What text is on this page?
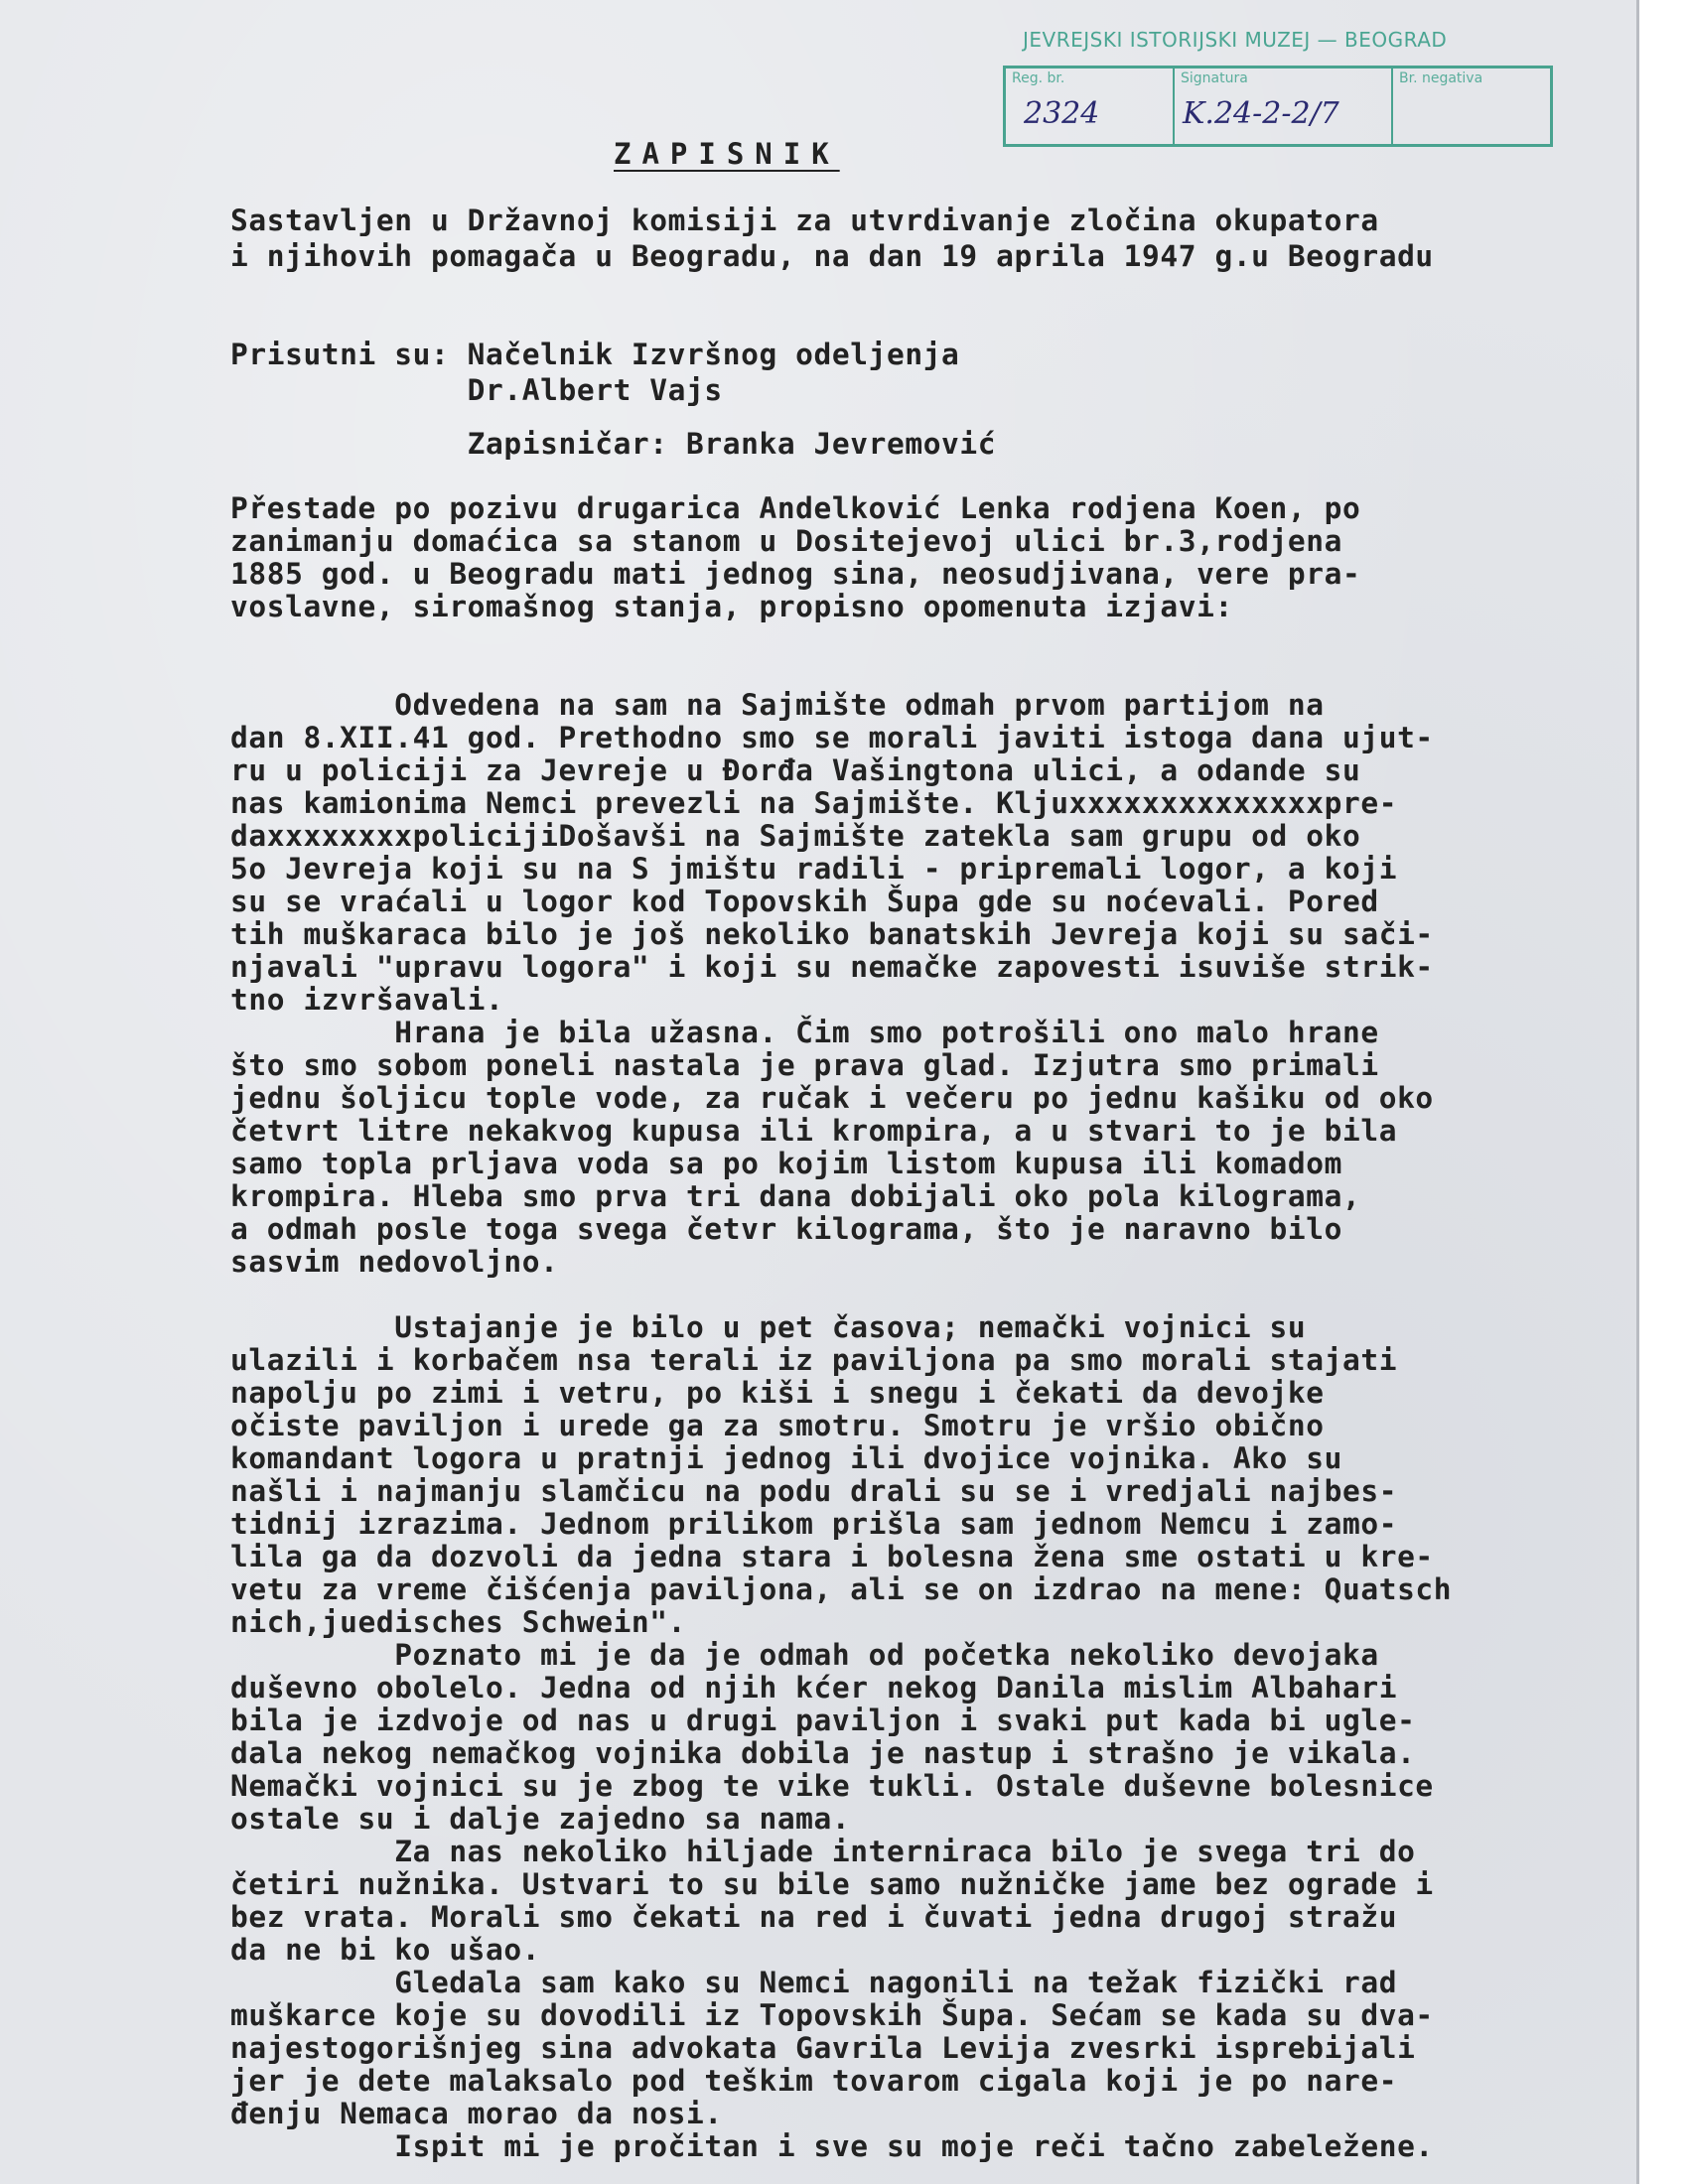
JEVREJSKI ISTORIJSKI MUZEJ — BEOGRAD
Reg. br.
2324
Signatura
K.24-2-2/7
Br. negativa
ZAPISNIK
Sastavljen u Državnoj komisiji za utvrdivanje zločina okupatora
i njihovih pomagača u Beogradu, na dan 19 aprila 1947 g.u Beogradu
Prisutni su: Načelnik Izvršnog odeljenja
Dr.Albert Vajs
Zapisničar: Branka Jevremović
Přestade po pozivu drugarica Andelković Lenka rodjena Koen, po
zanimanju domaćica sa stanom u Dositejevoj ulici br.3,rodjena
1885 god. u Beogradu mati jednog sina, neosudjivana, vere pra-
voslavne, siromašnog stanja, propisno opomenuta izjavi:
Odvedena na sam na Sajmište odmah prvom partijom na
dan 8.XII.41 god. Prethodno smo se morali javiti istoga dana ujut-
ru u policiji za Jevreje u Đorđa Vašingtona ulici, a odande su
nas kamionima Nemci prevezli na Sajmište. Kljuxxxxxxxxxxxxxxpre-
daxxxxxxxxpolicijiDošavši na Sajmište zatekla sam grupu od oko
5o Jevreja koji su na S jmištu radili - pripremali logor, a koji
su se vraćali u logor kod Topovskih Šupa gde su noćevali. Pored
tih muškaraca bilo je još nekoliko banatskih Jevreja koji su sači-
njavali "upravu logora" i koji su nemačke zapovesti isuviše strik-
tno izvršavali.
Hrana je bila užasna. Čim smo potrošili ono malo hrane
što smo sobom poneli nastala je prava glad. Izjutra smo primali
jednu šoljicu tople vode, za ručak i večeru po jednu kašiku od oko
četvrt litre nekakvog kupusa ili krompira, a u stvari to je bila
samo topla prljava voda sa po kojim listom kupusa ili komadom
krompira. Hleba smo prva tri dana dobijali oko pola kilograma,
a odmah posle toga svega četvr kilograma, što je naravno bilo
sasvim nedovoljno.
Ustajanje je bilo u pet časova; nemački vojnici su
ulazili i korbačem nsa terali iz paviljona pa smo morali stajati
napolju po zimi i vetru, po kiši i snegu i čekati da devojke
očiste paviljon i urede ga za smotru. Smotru je vršio obično
komandant logora u pratnji jednog ili dvojice vojnika. Ako su
našli i najmanju slamčicu na podu drali su se i vredjali najbes-
tidnij izrazima. Jednom prilikom prišla sam jednom Nemcu i zamo-
lila ga da dozvoli da jedna stara i bolesna žena sme ostati u kre-
vetu za vreme čišćenja paviljona, ali se on izdrao na mene: Quatsch
nich,juedisches Schwein".
Poznato mi je da je odmah od početka nekoliko devojaka
duševno obolelo. Jedna od njih kćer nekog Danila mislim Albahari
bila je izdvoje od nas u drugi paviljon i svaki put kada bi ugle-
dala nekog nemačkog vojnika dobila je nastup i strašno je vikala.
Nemački vojnici su je zbog te vike tukli. Ostale duševne bolesnice
ostale su i dalje zajedno sa nama.
Za nas nekoliko hiljade interniraca bilo je svega tri do
četiri nužnika. Ustvari to su bile samo nužničke jame bez ograde i
bez vrata. Morali smo čekati na red i čuvati jedna drugoj stražu
da ne bi ko ušao.
Gledala sam kako su Nemci nagonili na težak fizički rad
muškarce koje su dovodili iz Topovskih Šupa. Sećam se kada su dva-
najestogorišnjeg sina advokata Gavrila Levija zvesrki isprebijali
jer je dete malaksalo pod teškim tovarom cigala koji je po nare-
đenju Nemaca morao da nosi.
Ispit mi je pročitan i sve su moje reči tačno zabeležene.
